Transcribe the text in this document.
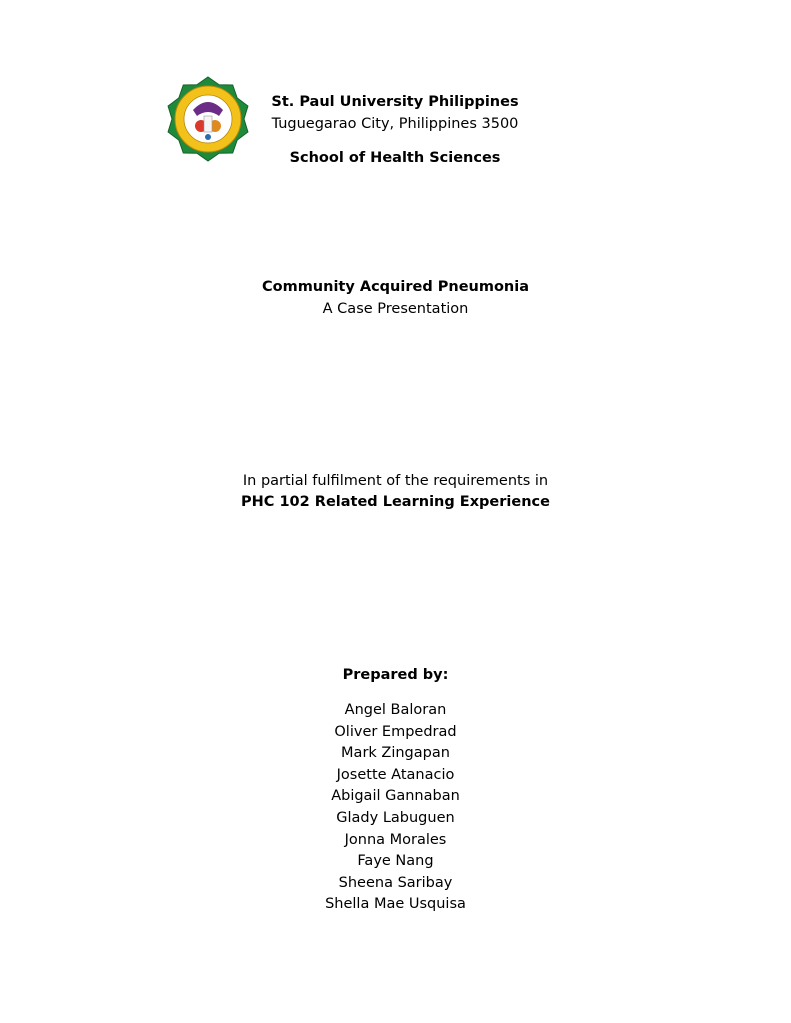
St. Paul University Philippines
Tuguegarao City, Philippines 3500
School of Health Sciences
Community Acquired Pneumonia
A Case Presentation
In partial fulfilment of the requirements in
PHC 102 Related Learning Experience
Prepared by:
Angel Baloran
Oliver Empedrad
Mark Zingapan
Josette Atanacio
Abigail Gannaban
Glady Labuguen
Jonna Morales
Faye Nang
Sheena Saribay
Shella Mae Usquisa
